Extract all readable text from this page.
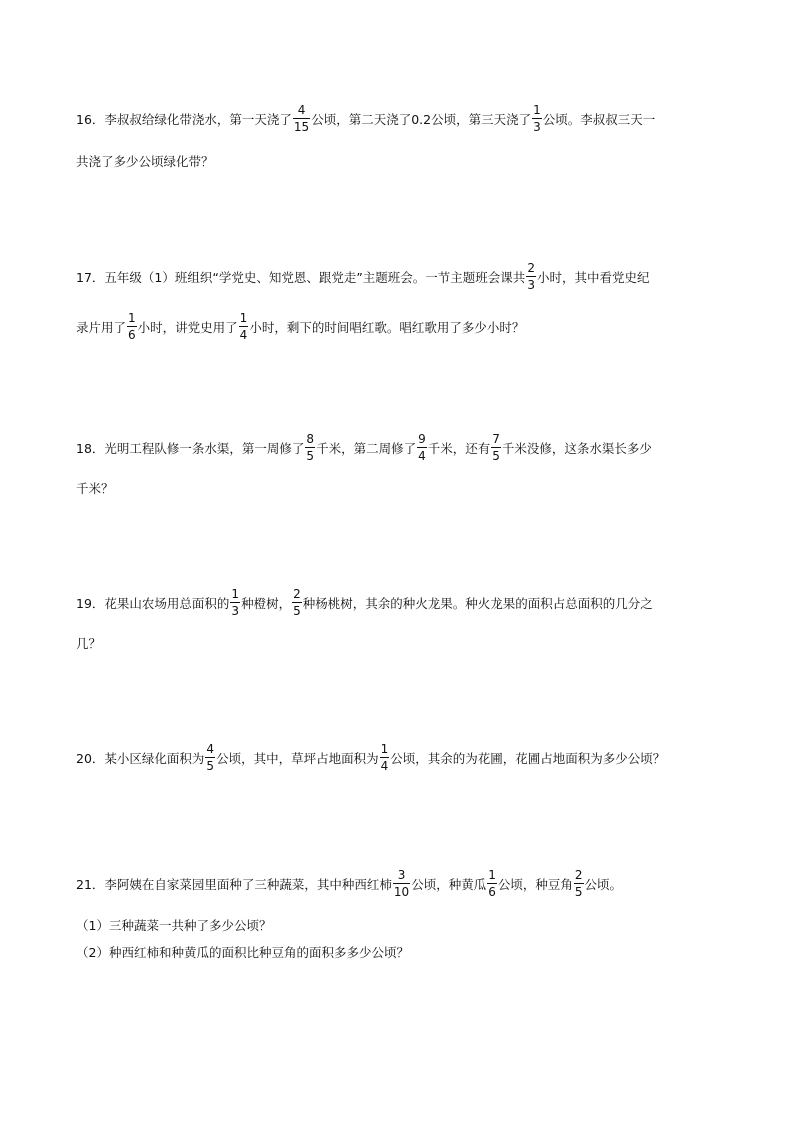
16． 李叔叔给绿化带浇水，第一天浇了 $\frac{4}{15}$ 公顷，第二天浇了0.2公顷，第三天浇了 $\frac{1}{3}$ 公顷。李叔叔三天一
共浇了多少公顷绿化带？
17． 五年级（1）班组织“学党史、知党恩、跟党走”主题班会。一节主题班会课共 $\frac{2}{3}$ 小时，其中看党史纪
录片用了 $\frac{1}{6}$ 小时，讲党史用了 $\frac{1}{4}$ 小时，剩下的时间唱红歌。唱红歌用了多少小时？
18． 光明工程队修一条水渠，第一周修了 $\frac{8}{5}$ 千米，第二周修了 $\frac{9}{4}$ 千米，还有 $\frac{7}{5}$ 千米没修，这条水渠长多少
千米？
19． 花果山农场用总面积的 $\frac{1}{3}$ 种橙树， $\frac{2}{5}$ 种杨桃树，其余的种火龙果。种火龙果的面积占总面积的几分之
几？
20． 某小区绿化面积为 $\frac{4}{5}$ 公顷，其中，草坪占地面积为 $\frac{1}{4}$ 公顷，其余的为花圃，花圃占地面积为多少公顷？
21． 李阿姨在自家菜园里面种了三种蔬菜，其中种西红柿 $\frac{3}{10}$ 公顷，种黄瓜 $\frac{1}{6}$ 公顷，种豆角 $\frac{2}{5}$ 公顷。
（1）三种蔬菜一共种了多少公顷？
（2）种西红柿和种黄瓜的面积比种豆角的面积多多少公顷？
